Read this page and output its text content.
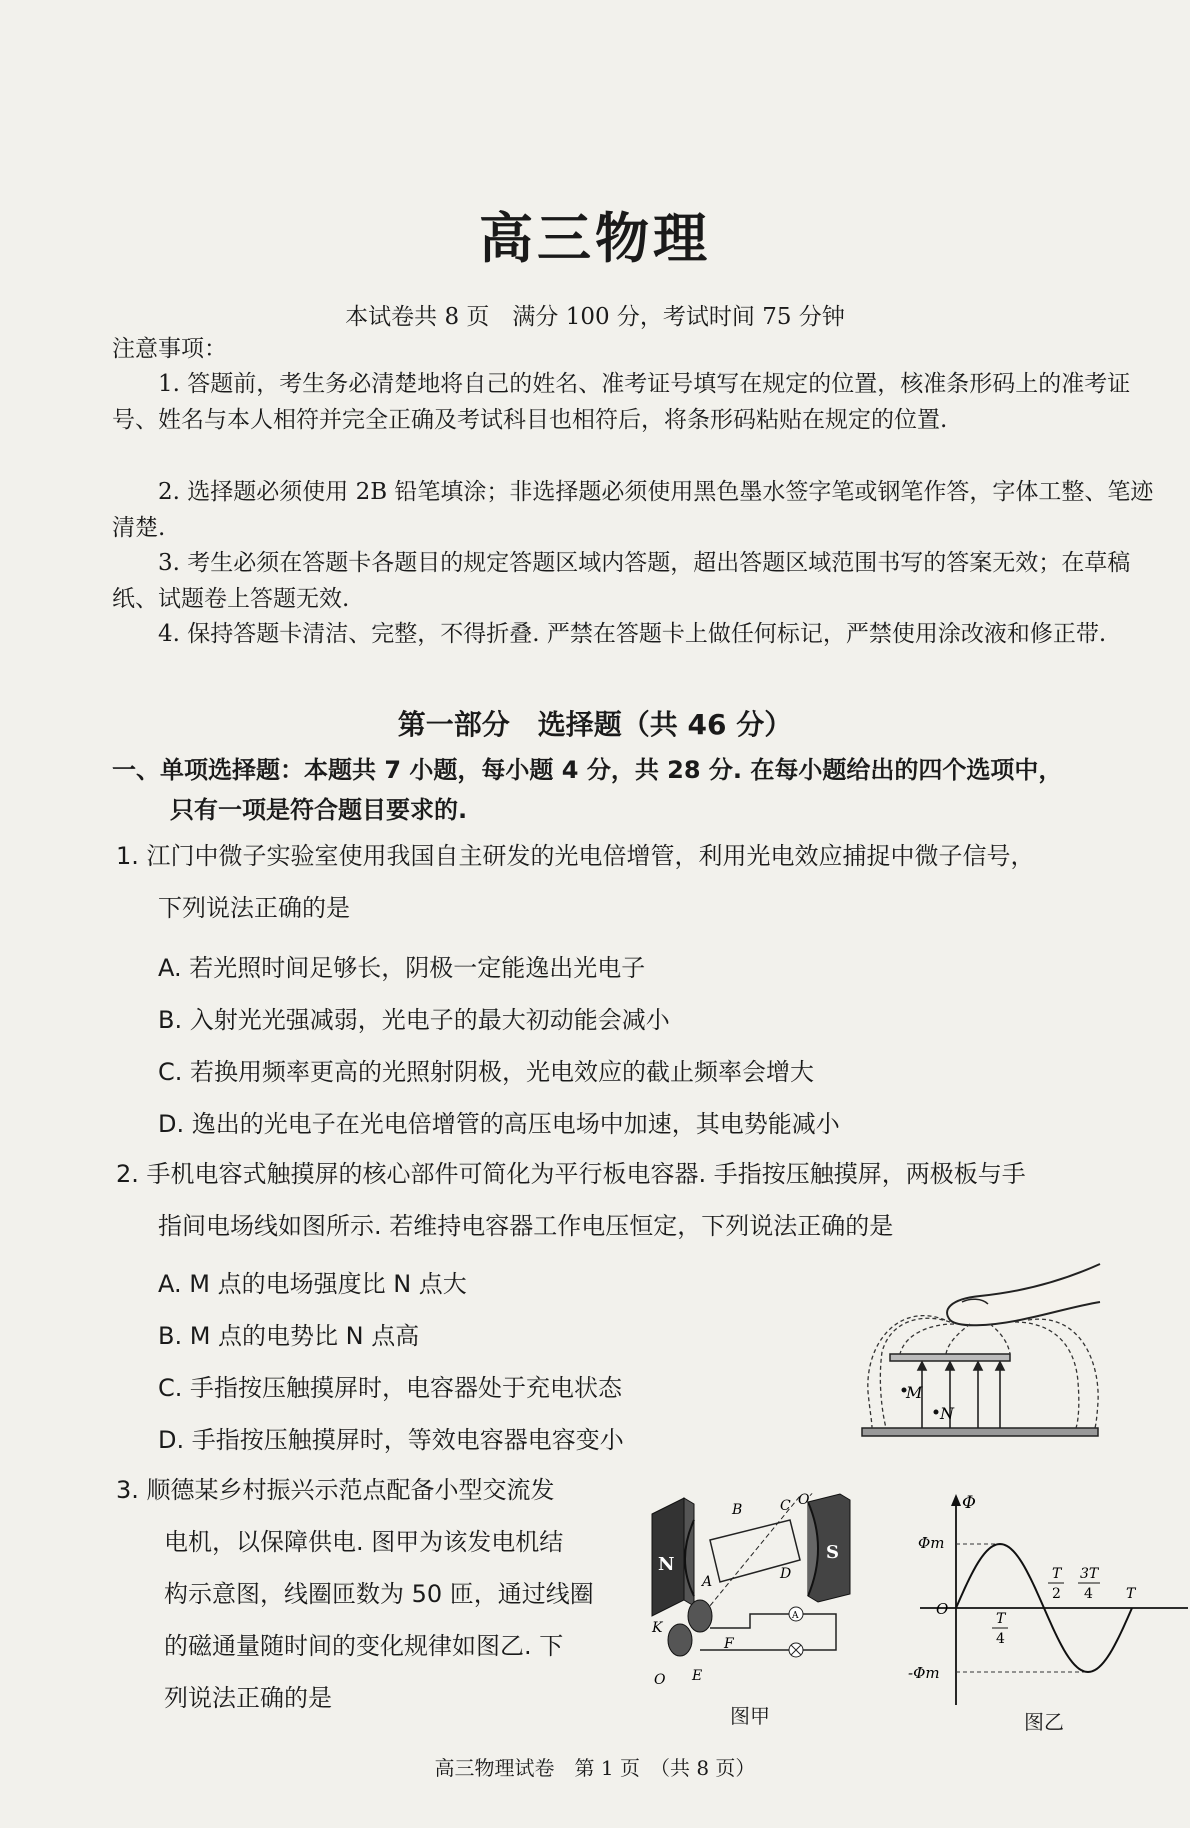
高三物理
本试卷共 8 页　满分 100 分，考试时间 75 分钟
注意事项：

1. 答题前，考生务必清楚地将自己的姓名、准考证号填写在规定的位置，核准条形码上的准考证号、姓名与本人相符并完全正确及考试科目也相符后，将条形码粘贴在规定的位置.

2. 选择题必须使用 2B 铅笔填涂；非选择题必须使用黑色墨水签字笔或钢笔作答，字体工整、笔迹清楚.

3. 考生必须在答题卡各题目的规定答题区域内答题，超出答题区域范围书写的答案无效；在草稿纸、试题卷上答题无效.

4. 保持答题卡清洁、完整，不得折叠. 严禁在答题卡上做任何标记，严禁使用涂改液和修正带.

第一部分　选择题（共 46 分）
一、单项选择题：本题共 7 小题，每小题 4 分，共 28 分. 在每小题给出的四个选项中，
只有一项是符合题目要求的.
1. 江门中微子实验室使用我国自主研发的光电倍增管，利用光电效应捕捉中微子信号，
下列说法正确的是
A. 若光照时间足够长，阴极一定能逸出光电子
B. 入射光光强减弱，光电子的最大初动能会减小
C. 若换用频率更高的光照射阴极，光电效应的截止频率会增大
D. 逸出的光电子在光电倍增管的高压电场中加速，其电势能减小
2. 手机电容式触摸屏的核心部件可简化为平行板电容器. 手指按压触摸屏，两极板与手
指间电场线如图所示. 若维持电容器工作电压恒定，下列说法正确的是
A. M 点的电场强度比 N 点大
B. M 点的电势比 N 点高
C. 手指按压触摸屏时，电容器处于充电状态
D. 手指按压触摸屏时，等效电容器电容变小
M
N
3. 顺德某乡村振兴示范点配备小型交流发
电机，以保障供电. 图甲为该发电机结
构示意图，线圈匝数为 50 匝，通过线圈
的磁通量随时间的变化规律如图乙. 下
列说法正确的是
N
S
A
B	C O′
D
A
F
K
E
O
图甲
Φ
Φm
-Φm
O
T
4
T
2
3T
4 T
图乙
高三物理试卷　第 1 页　（共 8 页）
